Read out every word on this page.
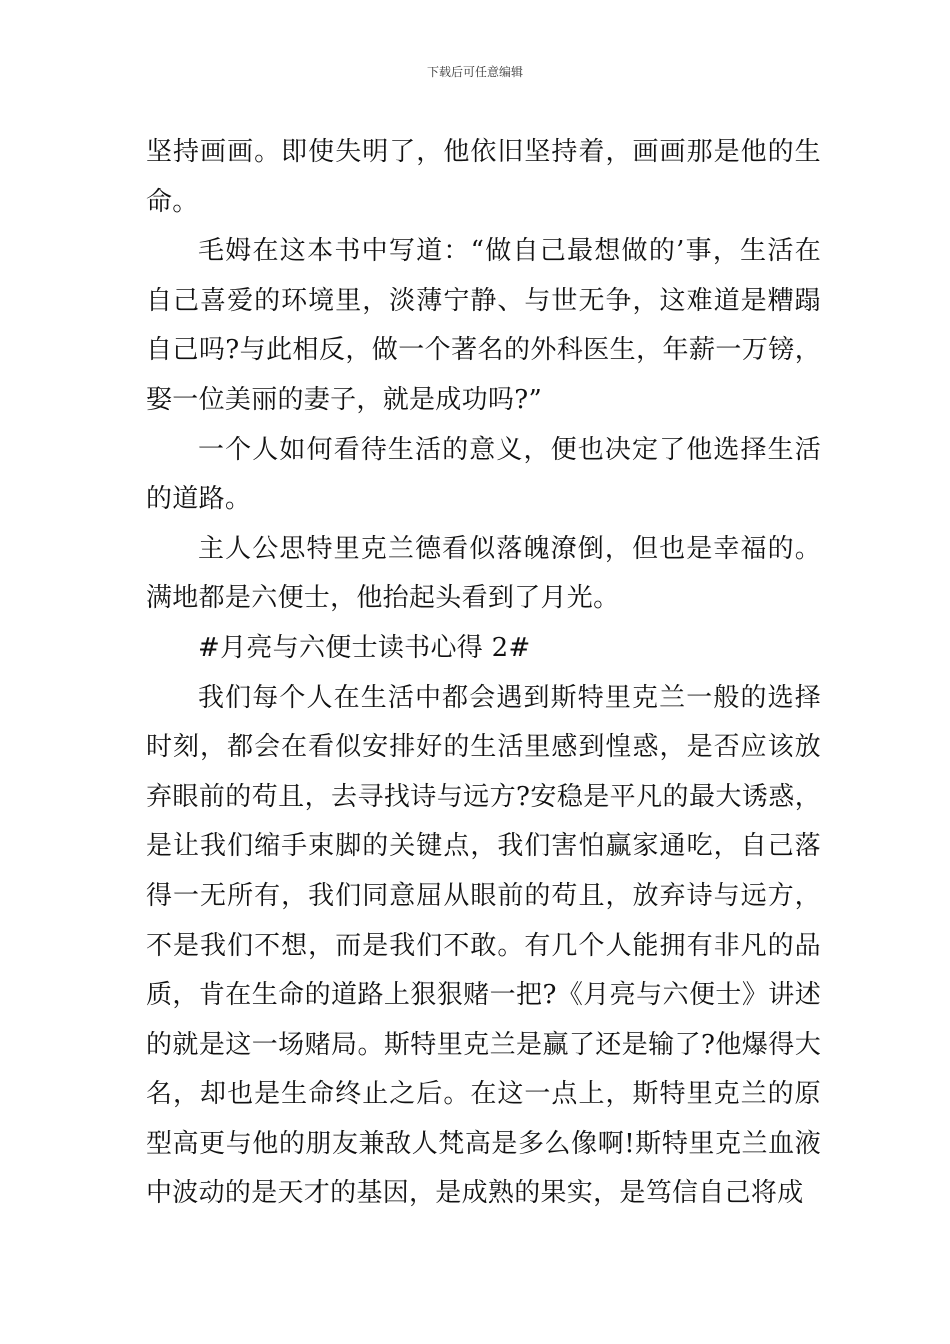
下载后可任意编辑

坚持画画。即使失明了，他依旧坚持着，画画那是他的生命。

毛姆在这本书中写道：“做自己最想做的’事，生活在自己喜爱的环境里，淡薄宁静、与世无争，这难道是糟蹋自己吗?与此相反，做一个著名的外科医生，年薪一万镑，娶一位美丽的妻子，就是成功吗?”

一个人如何看待生活的意义，便也决定了他选择生活的道路。

主人公思特里克兰德看似落魄潦倒，但也是幸福的。满地都是六便士，他抬起头看到了月光。

#月亮与六便士读书心得 2#

我们每个人在生活中都会遇到斯特里克兰一般的选择时刻，都会在看似安排好的生活里感到惶惑，是否应该放弃眼前的苟且，去寻找诗与远方?安稳是平凡的最大诱惑，是让我们缩手束脚的关键点，我们害怕赢家通吃，自己落得一无所有，我们同意屈从眼前的苟且，放弃诗与远方，不是我们不想，而是我们不敢。有几个人能拥有非凡的品质，肯在生命的道路上狠狠赌一把?《月亮与六便士》讲述的就是这一场赌局。斯特里克兰是赢了还是输了?他爆得大名，却也是生命终止之后。在这一点上，斯特里克兰的原型高更与他的朋友兼敌人梵高是多么像啊!斯特里克兰血液中波动的是天才的基因，是成熟的果实，是笃信自己将成
